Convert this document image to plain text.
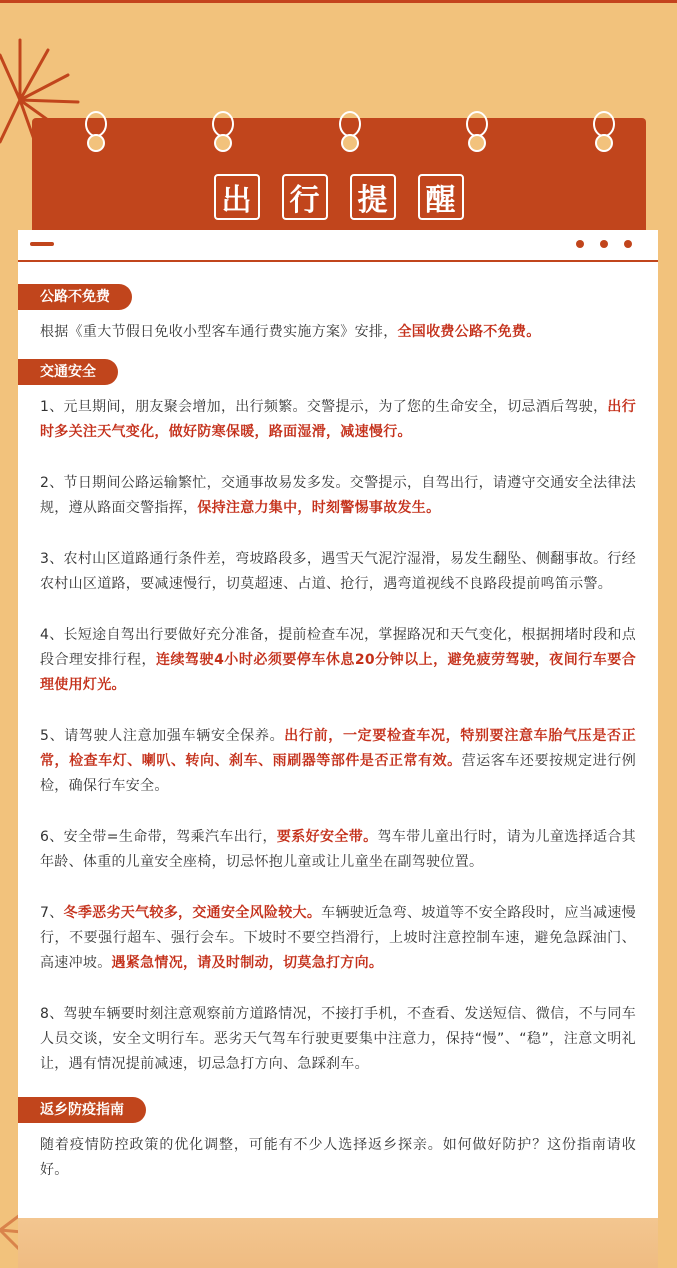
出 行 提 醒
公路不免费

根据《重大节假日免收小型客车通行费实施方案》安排，全国收费公路不免费。

交通安全

1、元旦期间，朋友聚会增加，出行频繁。交警提示，为了您的生命安全，切忌酒后驾驶，出行时多关注天气变化，做好防寒保暖，路面湿滑，减速慢行。

2、节日期间公路运输繁忙，交通事故易发多发。交警提示，自驾出行，请遵守交通安全法律法规，遵从路面交警指挥，保持注意力集中，时刻警惕事故发生。

3、农村山区道路通行条件差，弯坡路段多，遇雪天气泥泞湿滑，易发生翻坠、侧翻事故。行经农村山区道路，要减速慢行，切莫超速、占道、抢行，遇弯道视线不良路段提前鸣笛示警。

4、长短途自驾出行要做好充分准备，提前检查车况，掌握路况和天气变化，根据拥堵时段和点段合理安排行程，连续驾驶4小时必须要停车休息20分钟以上，避免疲劳驾驶，夜间行车要合理使用灯光。

5、请驾驶人注意加强车辆安全保养。出行前，一定要检查车况，特别要注意车胎气压是否正常，检查车灯、喇叭、转向、刹车、雨刷器等部件是否正常有效。营运客车还要按规定进行例检，确保行车安全。

6、安全带=生命带，驾乘汽车出行，要系好安全带。驾车带儿童出行时，请为儿童选择适合其年龄、体重的儿童安全座椅，切忌怀抱儿童或让儿童坐在副驾驶位置。

7、冬季恶劣天气较多，交通安全风险较大。车辆驶近急弯、坡道等不安全路段时，应当减速慢行，不要强行超车、强行会车。下坡时不要空挡滑行，上坡时注意控制车速，避免急踩油门、高速冲坡。遇紧急情况，请及时制动，切莫急打方向。

8、驾驶车辆要时刻注意观察前方道路情况，不接打手机，不查看、发送短信、微信，不与同车人员交谈，安全文明行车。恶劣天气驾车行驶更要集中注意力，保持“慢”、“稳”，注意文明礼让，遇有情况提前减速，切忌急打方向、急踩刹车。

返乡防疫指南

随着疫情防控政策的优化调整，可能有不少人选择返乡探亲。如何做好防护？这份指南请收好。
